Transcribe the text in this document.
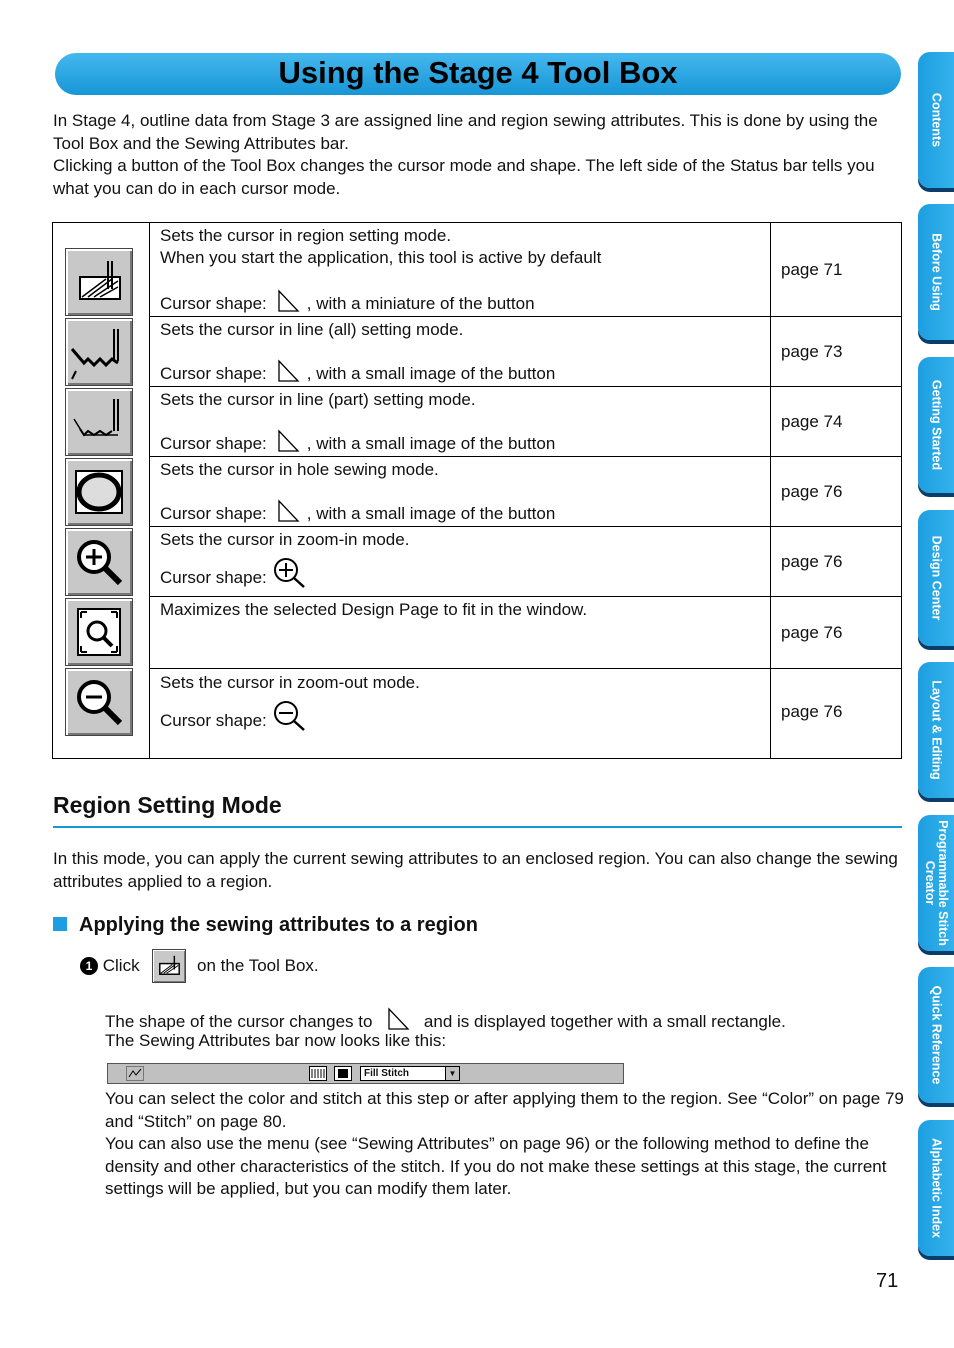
Using the Stage 4 Tool Box

In Stage 4, outline data from Stage 3 are assigned line and region sewing attributes. This is done by using the Tool Box and the Sewing Attributes bar.

Clicking a button of the Tool Box changes the cursor mode and shape. The left side of the Status bar tells you what you can do in each cursor mode.

Sets the cursor in region setting mode.
When you start the application, this tool is active by default
Cursor shape: , with a miniature of the button	page 71

	Sets the cursor in line (all) setting mode.
Cursor shape: , with a small image of the button	page 73

	Sets the cursor in line (part) setting mode.
Cursor shape: , with a small image of the button	page 74

	Sets the cursor in hole sewing mode.
Cursor shape: , with a small image of the button	page 76

	Sets the cursor in zoom-in mode.
Cursor shape:	page 76

	Maximizes the selected Design Page to fit in the window.	page 76

	Sets the cursor in zoom-out mode.
Cursor shape:	page 76
Region Setting Mode
In this mode, you can apply the current sewing attributes to an enclosed region. You can also change the sewing attributes applied to a region.
Applying the sewing attributes to a region
1 Click	on the Tool Box.
The shape of the cursor changes to	and is displayed together with a small rectangle.
The Sewing Attributes bar now looks like this:
Fill Stitch	▼
You can select the color and stitch at this step or after applying them to the region. See “Color” on page 79 and “Stitch” on page 80.
You can also use the menu (see “Sewing Attributes” on page 96) or the following method to define the density and other characteristics of the stitch. If you do not make these settings at this stage, the current settings will be applied, but you can modify them later.
71
Contents
Before Using
Getting Started
Design Center
Layout & Editing
Programmable Stitch Creator
Quick Reference
Alphabetic Index
